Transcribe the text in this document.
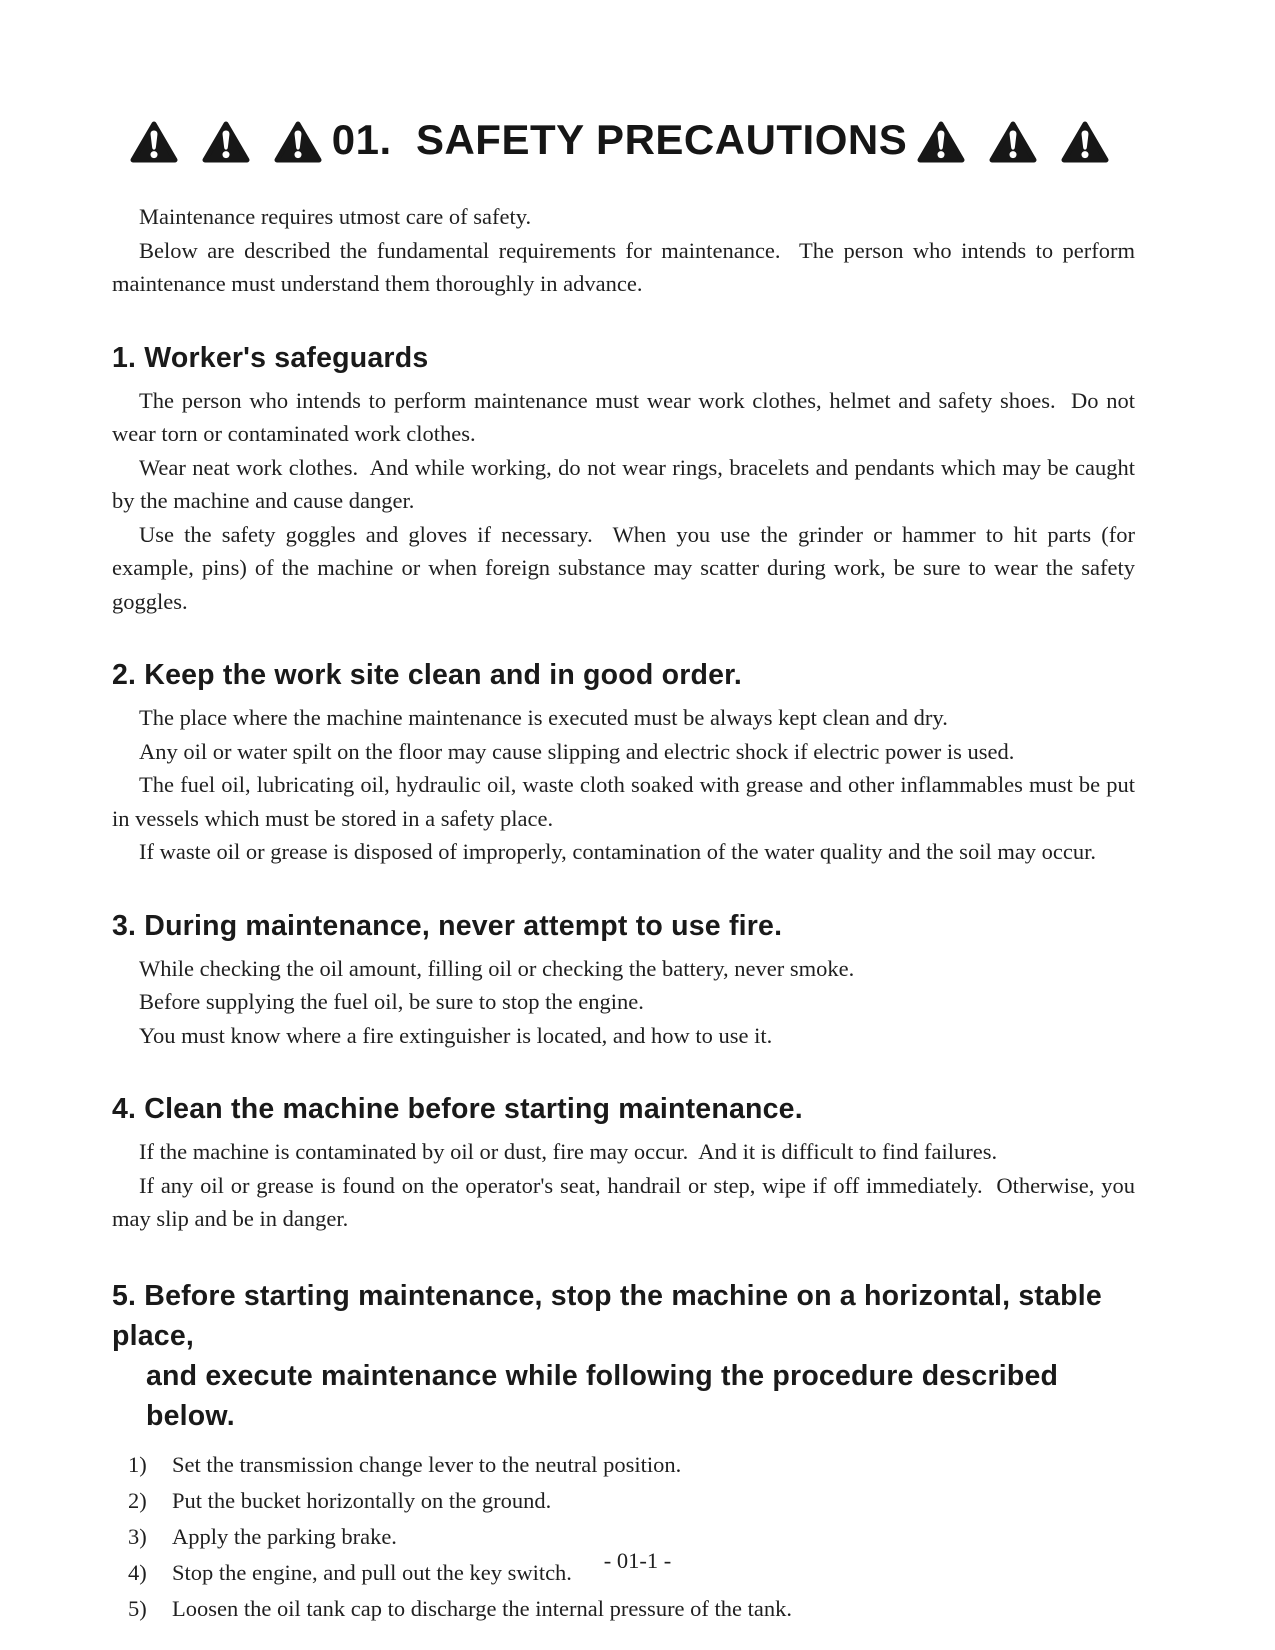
01.  SAFETY PRECAUTIONS

Maintenance requires utmost care of safety.

Below are described the fundamental requirements for maintenance.  The person who intends to perform maintenance must understand them thoroughly in advance.

1. Worker's safeguards

The person who intends to perform maintenance must wear work clothes, helmet and safety shoes.  Do not wear torn or contaminated work clothes.

Wear neat work clothes.  And while working, do not wear rings, bracelets and pendants which may be caught by the machine and cause danger.

Use the safety goggles and gloves if necessary.  When you use the grinder or hammer to hit parts (for example, pins) of the machine or when foreign substance may scatter during work, be sure to wear the safety goggles.

2. Keep the work site clean and in good order.

The place where the machine maintenance is executed must be always kept clean and dry.

Any oil or water spilt on the floor may cause slipping and electric shock if electric power is used.

The fuel oil, lubricating oil, hydraulic oil, waste cloth soaked with grease and other inflammables must be put in vessels which must be stored in a safety place.

If waste oil or grease is disposed of improperly, contamination of the water quality and the soil may occur.

3. During maintenance, never attempt to use fire.

While checking the oil amount, filling oil or checking the battery, never smoke.

Before supplying the fuel oil, be sure to stop the engine.

You must know where a fire extinguisher is located, and how to use it.

4. Clean the machine before starting maintenance.

If the machine is contaminated by oil or dust, fire may occur.  And it is difficult to find failures.

If any oil or grease is found on the operator's seat, handrail or step, wipe if off immediately.  Otherwise, you may slip and be in danger.

5. Before starting maintenance, stop the machine on a horizontal, stable place,
and execute maintenance while following the procedure described below.
1)	Set the transmission change lever to the neutral position.
2)	Put the bucket horizontally on the ground.
3)	Apply the parking brake.
4)	Stop the engine, and pull out the key switch.
5)	Loosen the oil tank cap to discharge the internal pressure of the tank.
- 01-1 -
